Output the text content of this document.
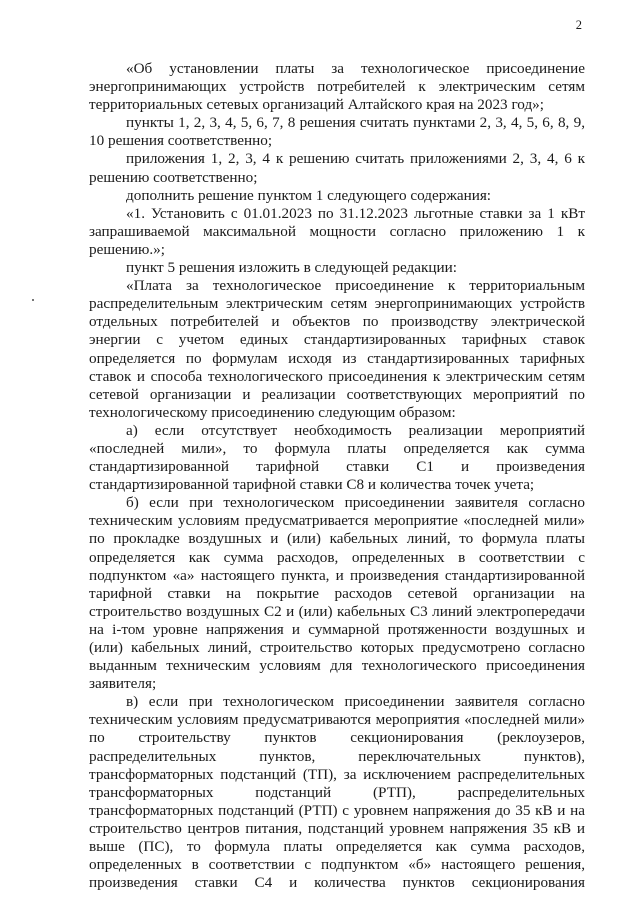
2

«Об установлении платы за технологическое присоединение энергопринимающих устройств потребителей к электрическим сетям территориальных сетевых организаций Алтайского края на 2023 год»;

пункты 1, 2, 3, 4, 5, 6, 7, 8 решения считать пунктами 2, 3, 4, 5, 6, 8, 9, 10 решения соответственно;

приложения 1, 2, 3, 4 к решению считать приложениями 2, 3, 4, 6 к решению соответственно;

дополнить решение пунктом 1 следующего содержания:

«1. Установить с 01.01.2023 по 31.12.2023 льготные ставки за 1 кВт запрашиваемой максимальной мощности согласно приложению 1 к решению.»;

пункт 5 решения изложить в следующей редакции:

«Плата за технологическое присоединение к территориальным распределительным электрическим сетям энергопринимающих устройств отдельных потребителей и объектов по производству электрической энергии с учетом единых стандартизированных тарифных ставок определяется по формулам исходя из стандартизированных тарифных ставок и способа технологического присоединения к электрическим сетям сетевой организации и реализации соответствующих мероприятий по технологическому присоединению следующим образом:

а) если отсутствует необходимость реализации мероприятий «последней мили», то формула платы определяется как сумма стандартизированной тарифной ставки С1 и произведения стандартизированной тарифной ставки С8 и количества точек учета;

б) если при технологическом присоединении заявителя согласно техническим условиям предусматривается мероприятие «последней мили» по прокладке воздушных и (или) кабельных линий, то формула платы определяется как сумма расходов, определенных в соответствии с подпунктом «а» настоящего пункта, и произведения стандартизированной тарифной ставки на покрытие расходов сетевой организации на строительство воздушных С2 и (или) кабельных С3 линий электропередачи на i-том уровне напряжения и суммарной протяженности воздушных и (или) кабельных линий, строительство которых предусмотрено согласно выданным техническим условиям для технологического присоединения заявителя;

в) если при технологическом присоединении заявителя согласно техническим условиям предусматриваются мероприятия «последней мили» по строительству пунктов секционирования (реклоузеров, распределительных пунктов, переключательных пунктов), трансформаторных подстанций (ТП), за исключением распределительных трансформаторных подстанций (РТП), распределительных трансформаторных подстанций (РТП) с уровнем напряжения до 35 кВ и на строительство центров питания, подстанций уровнем напряжения 35 кВ и выше (ПС), то формула платы определяется как сумма расходов, определенных в соответствии с подпунктом «б» настоящего решения, произведения ставки С4 и количества пунктов секционирования
